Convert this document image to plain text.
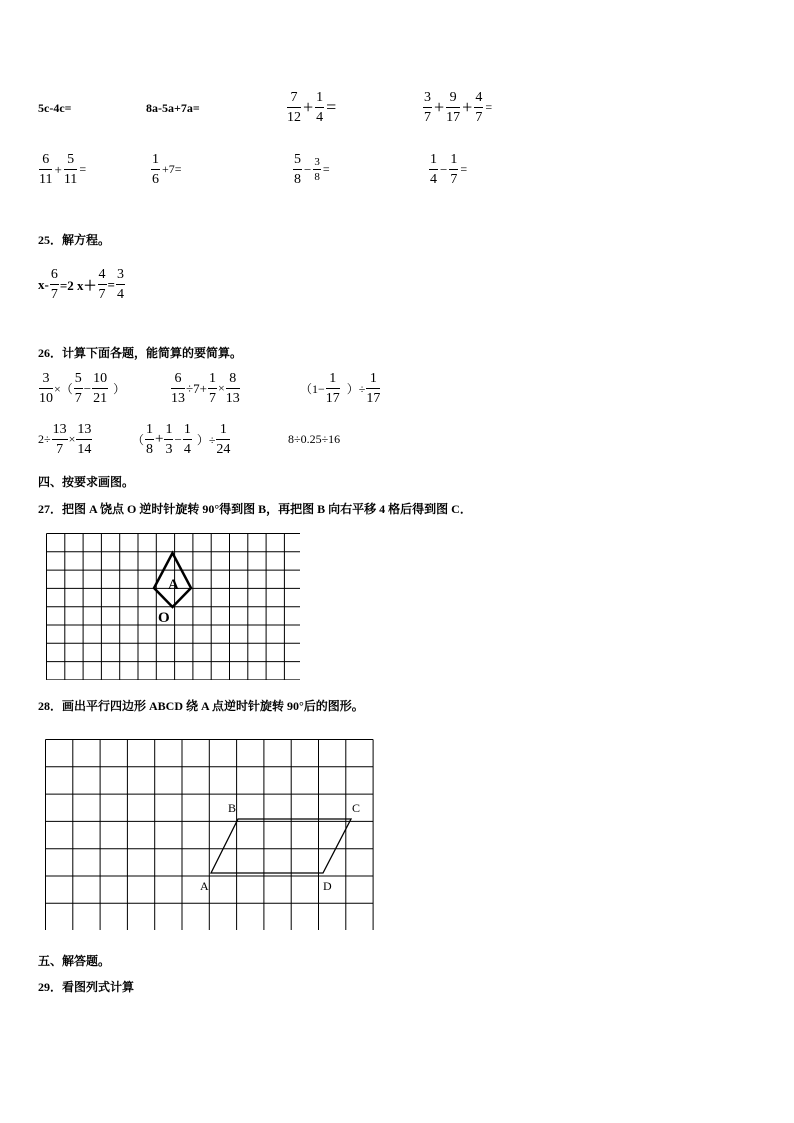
5c-4c=	8a-5a+7a=	$\frac{7}{12} + \frac{1}{4}$ =	$\frac{3}{7} + \frac{9}{17} + \frac{4}{7}$ =
$\frac{6}{11} + \frac{5}{11}$ =	$\frac{1}{6} +7=$	$\frac{5}{8} - \frac{3}{8}$ =	$\frac{1}{4} - \frac{1}{7}$ =
25．解方程。
$x- \frac{6}{7} =2$ $x+ \frac{4}{7} = \frac{3}{4}$
26．计算下面各题，能简算的要简算。
$\frac{3}{10}$ ×（ $\frac{5}{7} - \frac{10}{21}$ ）	$\frac{6}{13} \div 7+ \frac{1}{7} \times \frac{8}{13}$	（$1- \frac{1}{17}$ ）÷ $\frac{1}{17}$
$2\div \frac{13}{7} \times \frac{13}{14}$	（ $\frac{1}{8} + \frac{1}{3} - \frac{1}{4}$ ）÷ $\frac{1}{24}$	8÷0.25÷16
四、按要求画图。
27．把图 A 饶点 O 逆时针旋转 90°得到图 B，再把图 B 向右平移 4 格后得到图 C．
A
O
28．画出平行四边形 ABCD 绕 A 点逆时针旋转 90°后的图形。
A
B	C
D
五、解答题。
29．看图列式计算
